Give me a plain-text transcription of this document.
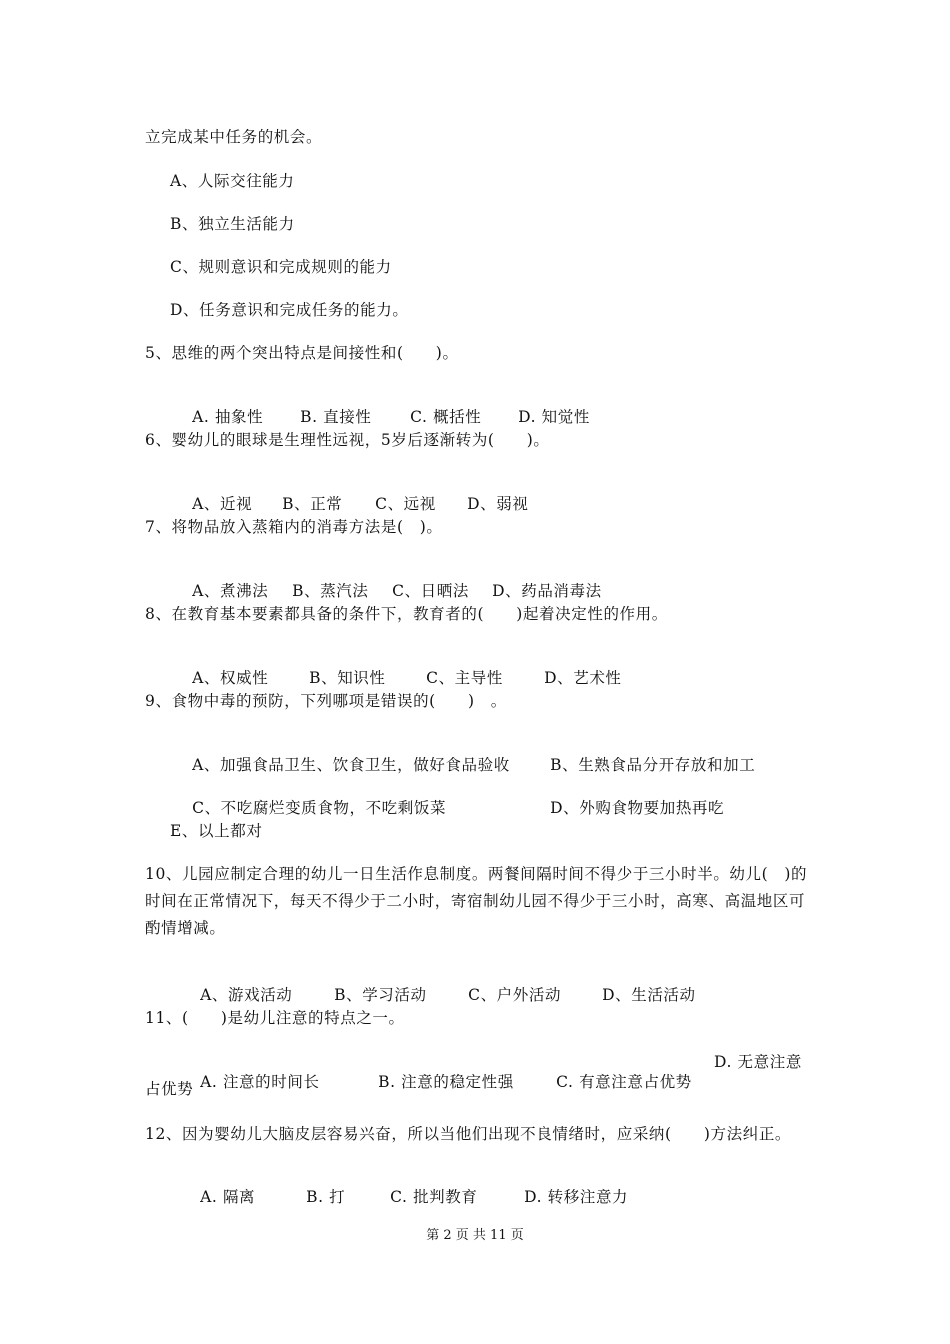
立完成某中任务的机会。
A、人际交往能力
B、独立生活能力
C、规则意识和完成规则的能力
D、任务意识和完成任务的能力。
5、思维的两个突出特点是间接性和(　　)。

A. 抽象性 B. 直接性 C. 概括性 D. 知觉性

6、婴幼儿的眼球是生理性远视，5岁后逐渐转为(　　)。

A、近视 B、正常 C、远视 D、弱视

7、将物品放入蒸箱内的消毒方法是(　)。

A、煮沸法 B、蒸汽法 C、日晒法 D、药品消毒法

8、在教育基本要素都具备的条件下，教育者的(　　)起着决定性的作用。

A、权威性	B、知识性	C、主导性	D、艺术性

9、食物中毒的预防，下列哪项是错误的(　　)　。

A、加强食品卫生、饮食卫生，做好食品验收	B、生熟食品分开存放和加工

C、不吃腐烂变质食物，不吃剩饭菜	D、外购食物要加热再吃

E、以上都对
10、儿园应制定合理的幼儿一日生活作息制度。两餐间隔时间不得少于三小时半。幼儿(　)的时间在正常情况下，每天不得少于二小时，寄宿制幼儿园不得少于三小时，高寒、高温地区可酌情增减。

A、游戏活动	B、学习活动	C、户外活动	D、生活活动

11、(　　)是幼儿注意的特点之一。

A. 注意的时间长	B. 注意的稳定性强	C. 有意注意占优势

D. 无意注意
占优势
12、因为婴幼儿大脑皮层容易兴奋，所以当他们出现不良情绪时，应采纳(　　)方法纠正。

A. 隔离	B. 打	C. 批判教育	D. 转移注意力

第 2 页 共 11 页
